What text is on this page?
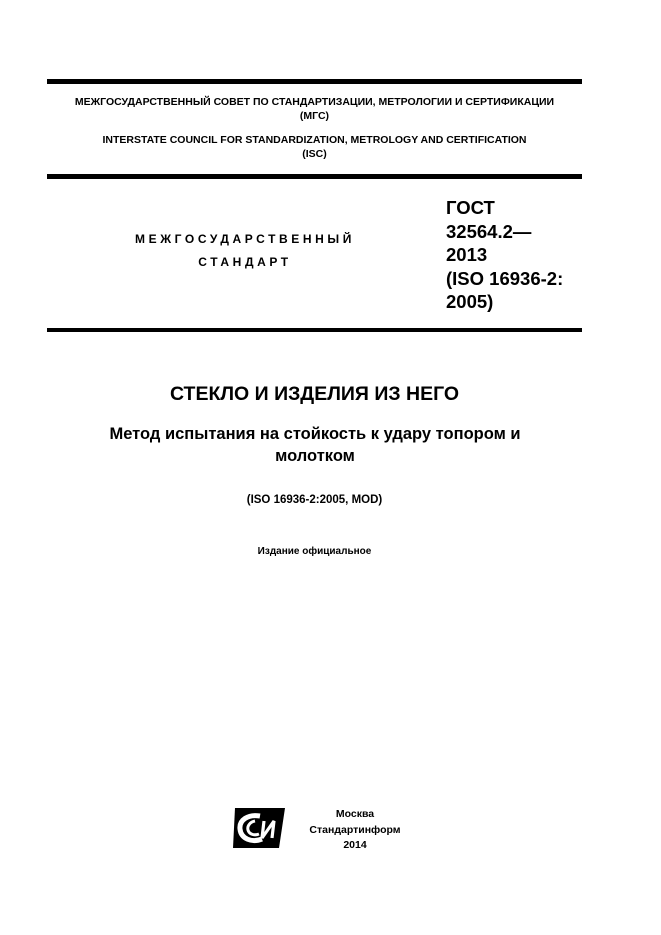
МЕЖГОСУДАРСТВЕННЫЙ СОВЕТ ПО СТАНДАРТИЗАЦИИ, МЕТРОЛОГИИ И СЕРТИФИКАЦИИ
(МГС)
INTERSTATE COUNCIL FOR STANDARDIZATION, METROLOGY AND CERTIFICATION
(ISC)
МЕЖГОСУДАРСТВЕННЫЙ
СТАНДАРТ
ГОСТ
32564.2—
2013
(ISO 16936-2:
2005)
СТЕКЛО И ИЗДЕЛИЯ ИЗ НЕГО
Метод испытания на стойкость к удару топором и
молотком
(ISO 16936-2:2005, MOD)
Издание официальное
Москва
Стандартинформ
2014
